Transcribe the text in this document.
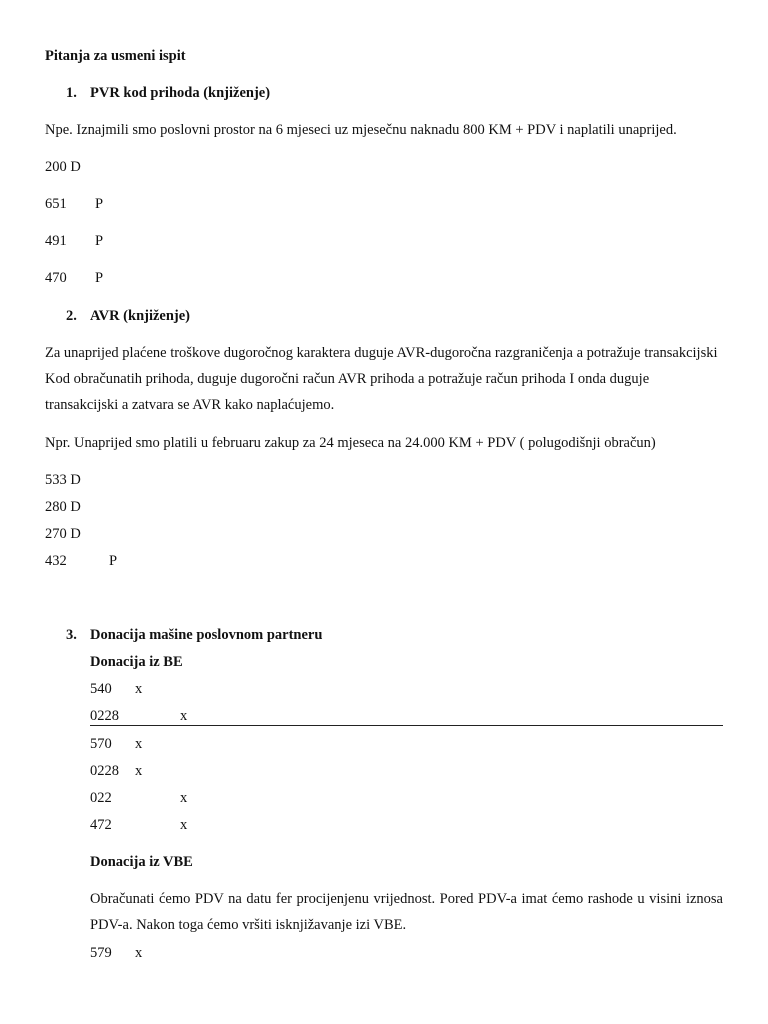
Pitanja za usmeni ispit
1. PVR kod prihoda (knjiženje)
Npe. Iznajmili smo poslovni prostor na 6 mjeseci uz mjesečnu naknadu 800 KM + PDV i naplatili unaprijed.
200 D
651 P
491 P
470 P
2. AVR (knjiženje)
Za unaprijed plaćene troškove dugoročnog karaktera duguje AVR-dugoročna razgraničenja a potražuje transakcijski Kod obračunatih prihoda, duguje dugoročni račun AVR prihoda a potražuje račun prihoda I onda duguje transakcijski a zatvara se AVR kako naplaćujemo.
Npr. Unaprijed smo platili u februaru zakup za 24 mjeseca na 24.000 KM + PDV ( polugodišnji obračun)
533 D
280 D
270 D
432	P
3. Donacija mašine poslovnom partneru
Donacija iz BE
540 x
0228	x
570 x
0228 x
022	x
472	x
Donacija iz VBE
Obračunati ćemo PDV na datu fer procijenjenu vrijednost. Pored PDV-a imat ćemo rashode u visini iznosa PDV-a. Nakon toga ćemo vršiti isknjižavanje izi VBE.
579 x
